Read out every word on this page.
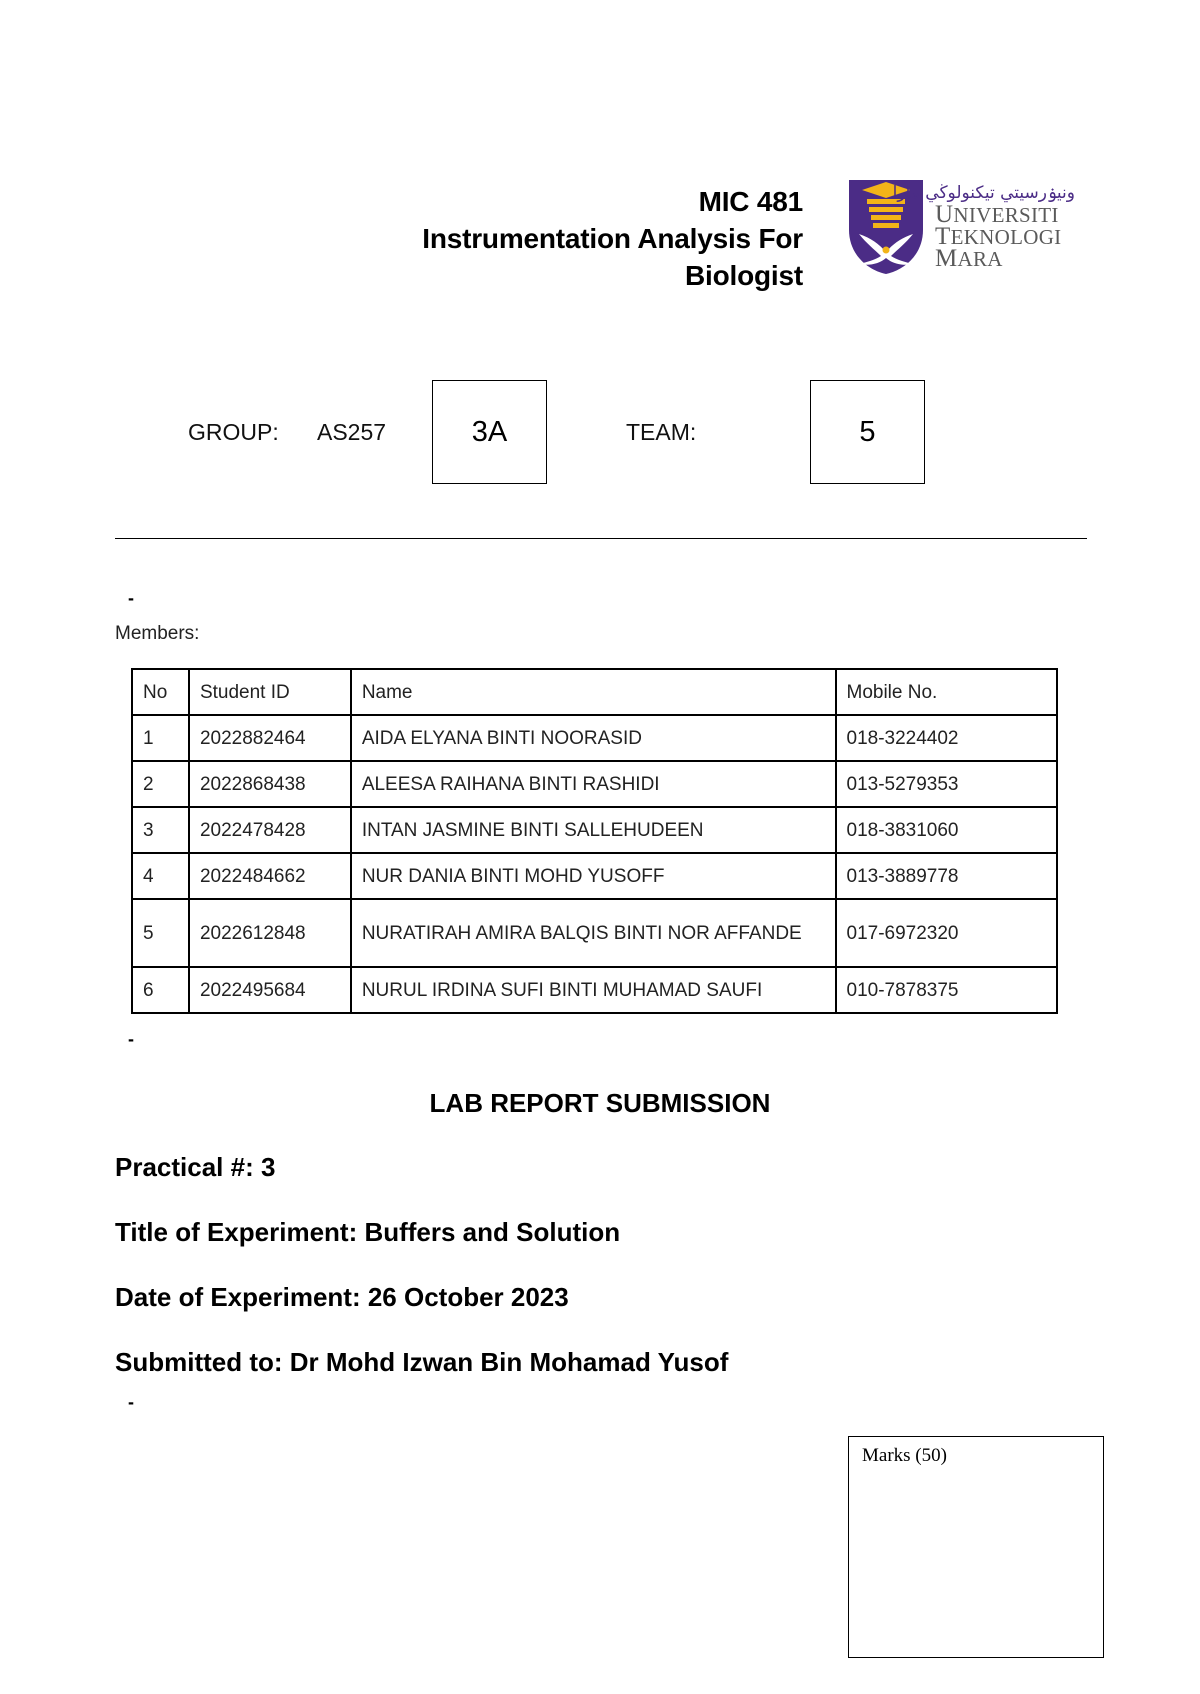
MIC 481
Instrumentation Analysis For
Biologist
ونيۏرسيتي تيكنولوڬي مارا
UNIVERSITI
TEKNOLOGI
MARA
GROUP: AS257	3A	TEAM:	5
-
Members:
No	Student ID	Name	Mobile No.
1	2022882464	AIDA ELYANA BINTI NOORASID	018-3224402
2	2022868438	ALEESA RAIHANA BINTI RASHIDI	013-5279353
3	2022478428	INTAN JASMINE BINTI SALLEHUDEEN	018-3831060
4	2022484662	NUR DANIA BINTI MOHD YUSOFF	013-3889778
5	2022612848	NURATIRAH AMIRA BALQIS BINTI NOR AFFANDE	017-6972320
6	2022495684	NURUL IRDINA SUFI BINTI MUHAMAD SAUFI	010-7878375
-
LAB REPORT SUBMISSION
Practical #: 3
Title of Experiment: Buffers and Solution
Date of Experiment: 26 October 2023
Submitted to: Dr Mohd Izwan Bin Mohamad Yusof
-
Marks (50)
